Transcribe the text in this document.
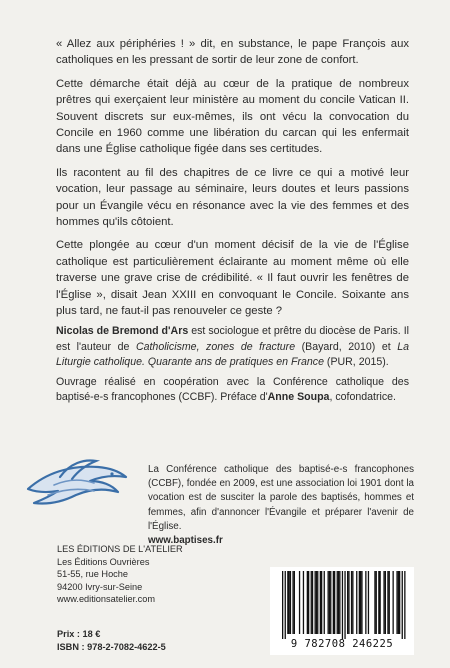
« Allez aux périphéries ! » dit, en substance, le pape François aux catholiques en les pressant de sortir de leur zone de confort.

Cette démarche était déjà au cœur de la pratique de nombreux prêtres qui exerçaient leur ministère au moment du concile Vatican II. Souvent discrets sur eux-mêmes, ils ont vécu la convocation du Concile en 1960 comme une libération du carcan qui les enfermait dans une Église catholique figée dans ses certitudes.

Ils racontent au fil des chapitres de ce livre ce qui a motivé leur vocation, leur passage au séminaire, leurs doutes et leurs passions pour un Évangile vécu en résonance avec la vie des femmes et des hommes qu'ils côtoient.

Cette plongée au cœur d'un moment décisif de la vie de l'Église catholique est particulièrement éclairante au moment même où elle traverse une grave crise de crédibilité. « Il faut ouvrir les fenêtres de l'Église », disait Jean XXIII en convoquant le Concile. Soixante ans plus tard, ne faut-il pas renouveler ce geste ?

Nicolas de Bremond d'Ars est sociologue et prêtre du diocèse de Paris. Il est l'auteur de Catholicisme, zones de fracture (Bayard, 2010) et La Liturgie catholique. Quarante ans de pratiques en France (PUR, 2015).

Ouvrage réalisé en coopération avec la Conférence catholique des baptisé-e-s francophones (CCBF). Préface d'Anne Soupa, cofondatrice.

La Conférence catholique des baptisé-e-s francophones (CCBF), fondée en 2009, est une association loi 1901 dont la vocation est de susciter la parole des baptisés, hommes et femmes, afin d'annoncer l'Évangile et préparer l'avenir de l'Église.
www.baptises.fr
LES ÉDITIONS DE L'ATELIER
Les Éditions Ouvrières
51-55, rue Hoche
94200 Ivry-sur-Seine
www.editionsatelier.com
Prix : 18 €
ISBN : 978-2-7082-4622-5	9 782708 246225
